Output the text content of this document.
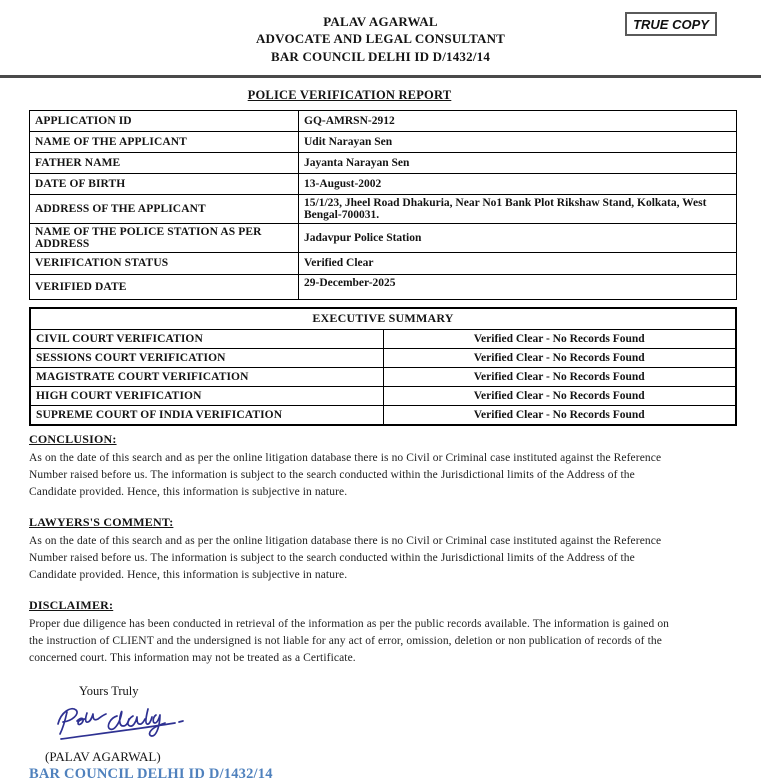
PALAV AGARWAL
ADVOCATE AND LEGAL CONSULTANT
BAR COUNCIL DELHI ID D/1432/14
TRUE COPY
POLICE VERIFICATION REPORT
APPLICATION ID	GQ-AMRSN-2912
NAME OF THE APPLICANT	Udit Narayan Sen
FATHER NAME	Jayanta Narayan Sen
DATE OF BIRTH	13-August-2002
ADDRESS OF THE APPLICANT	15/1/23, Jheel Road Dhakuria, Near No1 Bank Plot Rikshaw Stand, Kolkata, West Bengal-700031.
NAME OF THE POLICE STATION AS PER ADDRESS	Jadavpur Police Station
VERIFICATION STATUS	Verified Clear
VERIFIED DATE	29-December-2025
EXECUTIVE SUMMARY	
CIVIL COURT VERIFICATION	Verified Clear - No Records Found
SESSIONS COURT VERIFICATION	Verified Clear - No Records Found
MAGISTRATE COURT VERIFICATION	Verified Clear - No Records Found
HIGH COURT VERIFICATION	Verified Clear - No Records Found
SUPREME COURT OF INDIA VERIFICATION	Verified Clear - No Records Found
CONCLUSION:
As on the date of this search and as per the online litigation database there is no Civil or Criminal case instituted against the Reference
Number raised before us. The information is subject to the search conducted within the Jurisdictional limits of the Address of the
Candidate provided. Hence, this information is subjective in nature.
LAWYERS'S COMMENT:
As on the date of this search and as per the online litigation database there is no Civil or Criminal case instituted against the Reference
Number raised before us. The information is subject to the search conducted within the Jurisdictional limits of the Address of the
Candidate provided. Hence, this information is subjective in nature.
DISCLAIMER:
Proper due diligence has been conducted in retrieval of the information as per the public records available. The information is gained on
the instruction of CLIENT and the undersigned is not liable for any act of error, omission, deletion or non publication of records of the
concerned court. This information may not be treated as a Certificate.
Yours Truly
(PALAV AGARWAL)
BAR COUNCIL DELHI ID D/1432/14
